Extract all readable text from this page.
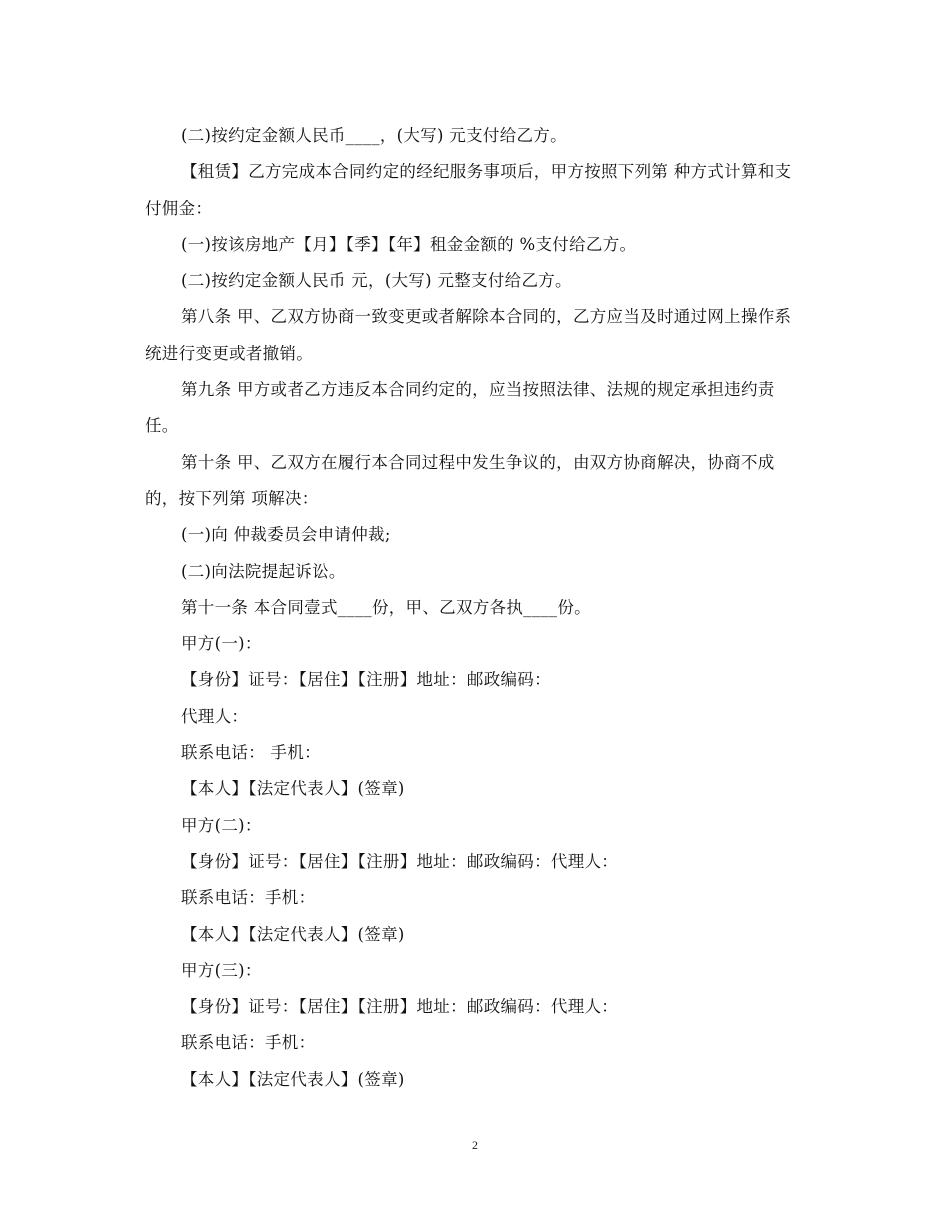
(二)按约定金额人民币____，(大写) 元支付给乙方。

【租赁】乙方完成本合同约定的经纪服务事项后，甲方按照下列第 种方式计算和支付佣金：

(一)按该房地产【月】【季】【年】租金金额的 %支付给乙方。

(二)按约定金额人民币 元，(大写) 元整支付给乙方。

第八条 甲、乙双方协商一致变更或者解除本合同的，乙方应当及时通过网上操作系统进行变更或者撤销。

第九条 甲方或者乙方违反本合同约定的，应当按照法律、法规的规定承担违约责任。

第十条 甲、乙双方在履行本合同过程中发生争议的，由双方协商解决，协商不成的，按下列第 项解决：

(一)向 仲裁委员会申请仲裁;

(二)向法院提起诉讼。

第十一条 本合同壹式____份，甲、乙双方各执____份。

甲方(一)：

【身份】证号：【居住】【注册】地址：邮政编码：

代理人：

联系电话： 手机：

【本人】【法定代表人】(签章)

甲方(二)：

【身份】证号：【居住】【注册】地址：邮政编码：代理人：

联系电话：手机：

【本人】【法定代表人】(签章)

甲方(三)：

【身份】证号：【居住】【注册】地址：邮政编码：代理人：

联系电话：手机：

【本人】【法定代表人】(签章)

2
